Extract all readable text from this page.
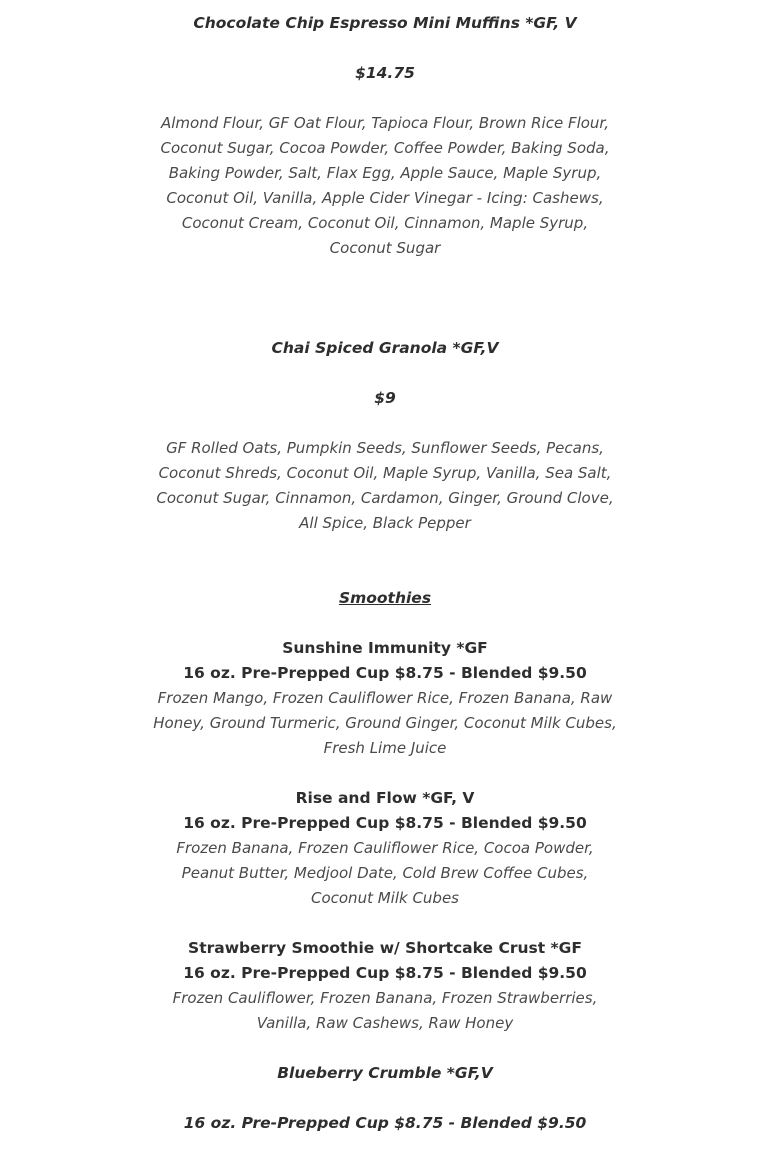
Chocolate Chip Espresso Mini Muffins *GF, V
$14.75
Almond Flour, GF Oat Flour, Tapioca Flour, Brown Rice Flour,
Coconut Sugar, Cocoa Powder, Coffee Powder, Baking Soda,
Baking Powder, Salt, Flax Egg, Apple Sauce, Maple Syrup,
Coconut Oil, Vanilla, Apple Cider Vinegar - Icing: Cashews,
Coconut Cream, Coconut Oil, Cinnamon, Maple Syrup,
Coconut Sugar
Chai Spiced Granola *GF,V
$9
GF Rolled Oats, Pumpkin Seeds, Sunflower Seeds, Pecans,
Coconut Shreds, Coconut Oil, Maple Syrup, Vanilla, Sea Salt,
Coconut Sugar, Cinnamon, Cardamon, Ginger, Ground Clove,
All Spice, Black Pepper
Smoothies
Sunshine Immunity *GF
16 oz. Pre-Prepped Cup $8.75 - Blended $9.50
Frozen Mango, Frozen Cauliflower Rice, Frozen Banana, Raw
Honey, Ground Turmeric, Ground Ginger, Coconut Milk Cubes,
Fresh Lime Juice
Rise and Flow *GF, V
16 oz. Pre-Prepped Cup $8.75 - Blended $9.50
Frozen Banana, Frozen Cauliflower Rice, Cocoa Powder,
Peanut Butter, Medjool Date, Cold Brew Coffee Cubes,
Coconut Milk Cubes
Strawberry Smoothie w/ Shortcake Crust *GF
16 oz. Pre-Prepped Cup $8.75 - Blended $9.50
Frozen Cauliflower, Frozen Banana, Frozen Strawberries,
Vanilla, Raw Cashews, Raw Honey
Blueberry Crumble *GF,V
16 oz. Pre-Prepped Cup $8.75 - Blended $9.50
